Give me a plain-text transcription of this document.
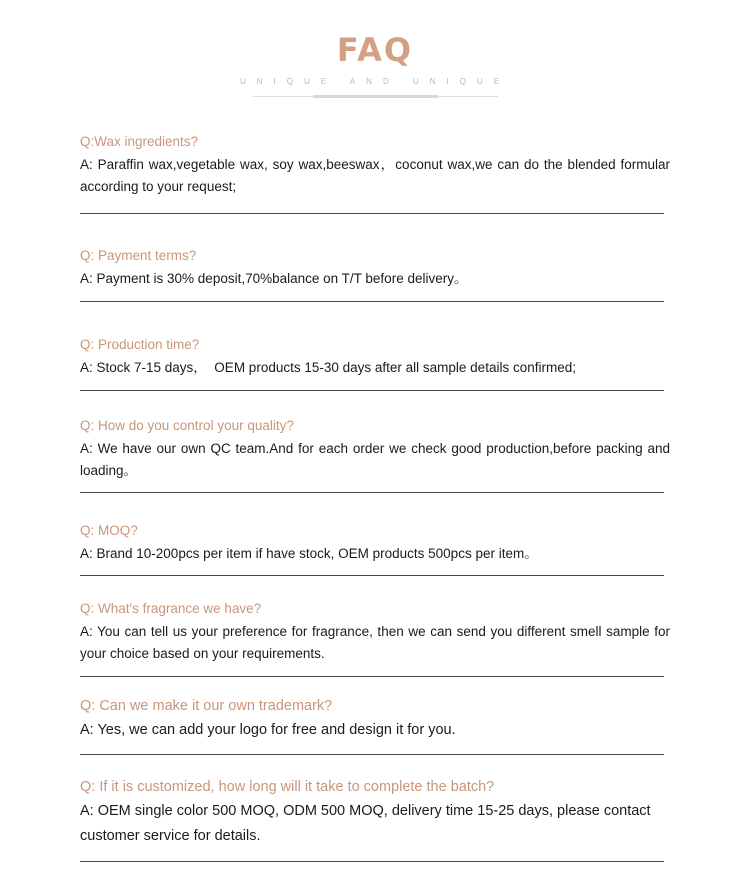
FAQ
UNIQUE AND UNIQUE
Q:Wax ingredients?
A: Paraffin wax,vegetable wax, soy wax,beeswax，coconut wax,we can do the blended formular according to your request;
Q: Payment terms?
A: Payment is 30% deposit,70%balance on T/T before delivery。
Q: Production time?
A: Stock 7-15 days，  OEM products 15-30 days after all sample details confirmed;
Q: How do you control your quality?
A: We have our own QC team.And for each order we check good production,before packing and loading。
Q: MOQ?
A: Brand 10-200pcs per item if have stock, OEM products 500pcs per item。
Q: What's fragrance we have?
A: You can tell us your preference for fragrance, then we can send you different smell sample for your choice based on your requirements.
Q: Can we make it our own trademark?
A: Yes, we can add your logo for free and design it for you.
Q: If it is customized, how long will it take to complete the batch?
A: OEM single color 500 MOQ, ODM 500 MOQ, delivery time 15-25 days, please contact customer service for details.
